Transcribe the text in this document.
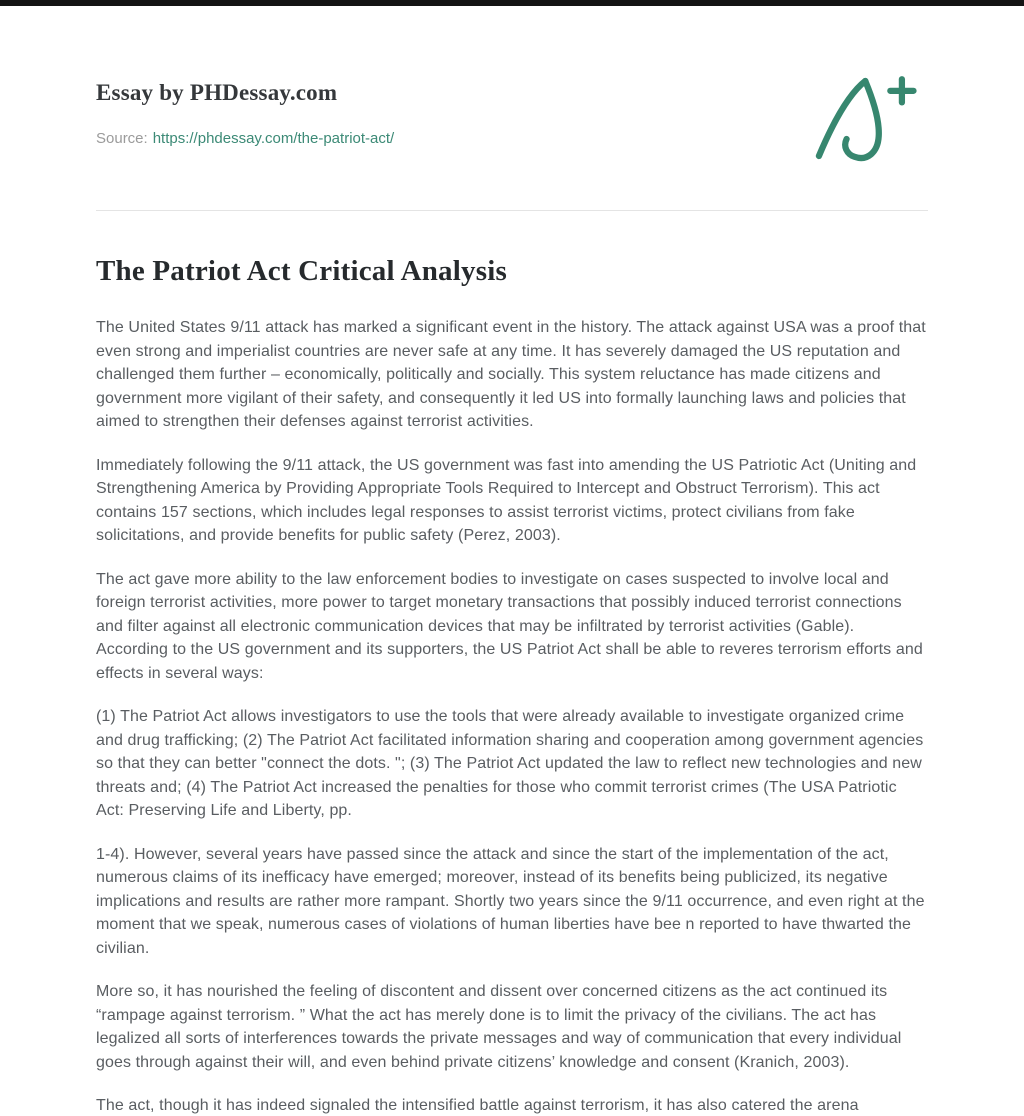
Essay by PHDessay.com
Source: https://phdessay.com/the-patriot-act/
The Patriot Act Critical Analysis

The United States 9/11 attack has marked a significant event in the history. The attack against USA was a proof that even strong and imperialist countries are never safe at any time. It has severely damaged the US reputation and challenged them further – economically, politically and socially. This system reluctance has made citizens and government more vigilant of their safety, and consequently it led US into formally launching laws and policies that aimed to strengthen their defenses against terrorist activities.

Immediately following the 9/11 attack, the US government was fast into amending the US Patriotic Act (Uniting and Strengthening America by Providing Appropriate Tools Required to Intercept and Obstruct Terrorism). This act contains 157 sections, which includes legal responses to assist terrorist victims, protect civilians from fake solicitations, and provide benefits for public safety (Perez, 2003).

The act gave more ability to the law enforcement bodies to investigate on cases suspected to involve local and foreign terrorist activities, more power to target monetary transactions that possibly induced terrorist connections and filter against all electronic communication devices that may be infiltrated by terrorist activities (Gable). According to the US government and its supporters, the US Patriot Act shall be able to reveres terrorism efforts and effects in several ways:

(1) The Patriot Act allows investigators to use the tools that were already available to investigate organized crime and drug trafficking; (2) The Patriot Act facilitated information sharing and cooperation among government agencies so that they can better "connect the dots. "; (3) The Patriot Act updated the law to reflect new technologies and new threats and; (4) The Patriot Act increased the penalties for those who commit terrorist crimes (The USA Patriotic Act: Preserving Life and Liberty, pp.

1-4). However, several years have passed since the attack and since the start of the implementation of the act, numerous claims of its inefficacy have emerged; moreover, instead of its benefits being publicized, its negative implications and results are rather more rampant. Shortly two years since the 9/11 occurrence, and even right at the moment that we speak, numerous cases of violations of human liberties have bee n reported to have thwarted the civilian.

More so, it has nourished the feeling of discontent and dissent over concerned citizens as the act continued its “rampage against terrorism. ” What the act has merely done is to limit the privacy of the civilians. The act has legalized all sorts of interferences towards the private messages and way of communication that every individual goes through against their will, and even behind private citizens’ knowledge and consent (Kranich, 2003).

The act, though it has indeed signaled the intensified battle against terrorism, it has also catered the arena
